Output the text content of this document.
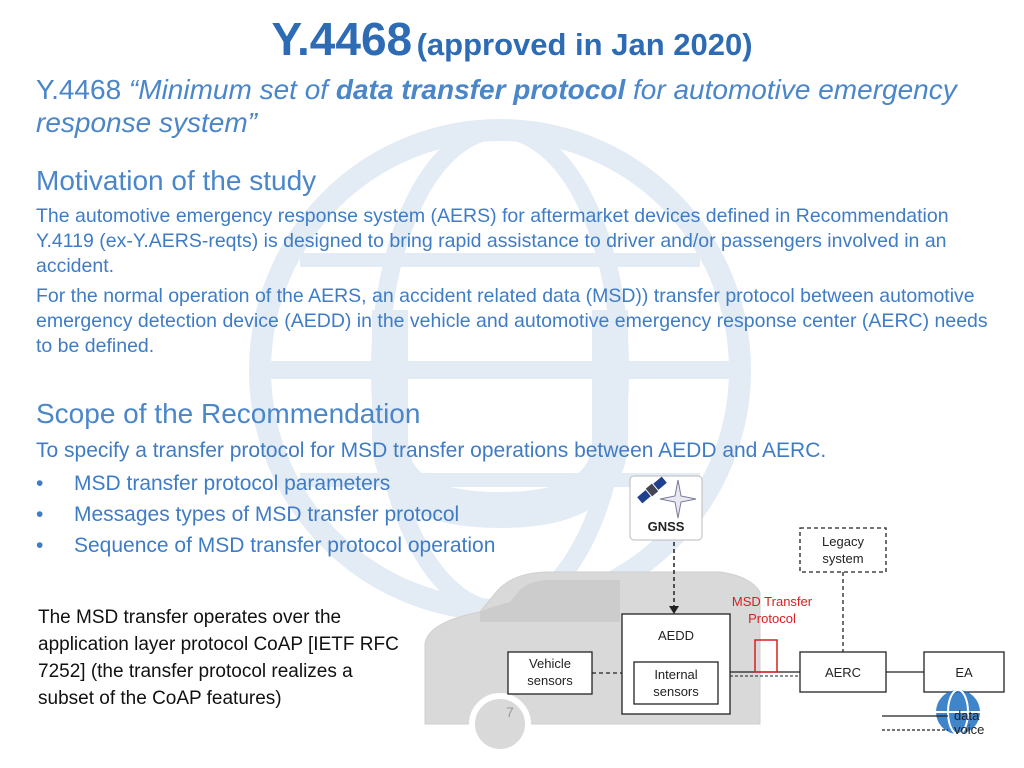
Y.4468 (approved in Jan 2020)
Y.4468 “Minimum set of data transfer protocol for automotive emergency response system”
Motivation of the study
The automotive emergency response system (AERS) for aftermarket devices defined in Recommendation Y.4119 (ex-Y.AERS-reqts) is designed to bring rapid assistance to driver and/or passengers involved in an accident.
For the normal operation of the AERS, an accident related data (MSD)) transfer protocol between automotive emergency detection device (AEDD) in the vehicle and automotive emergency response center (AERC) needs to be defined.
Scope of the Recommendation
To specify a transfer protocol for MSD transfer operations between AEDD and AERC.
• MSD transfer protocol parameters
• Messages types of MSD transfer protocol
• Sequence of MSD transfer protocol operation
The MSD transfer operates over the application layer protocol CoAP [IETF RFC 7252] (the transfer protocol realizes a subset of the CoAP features)
GNSS
Legacy
system
MSD Transfer
Protocol
AEDD
Internal
sensors
Vehicle
sensors
AERC	EA
data
voice
7
